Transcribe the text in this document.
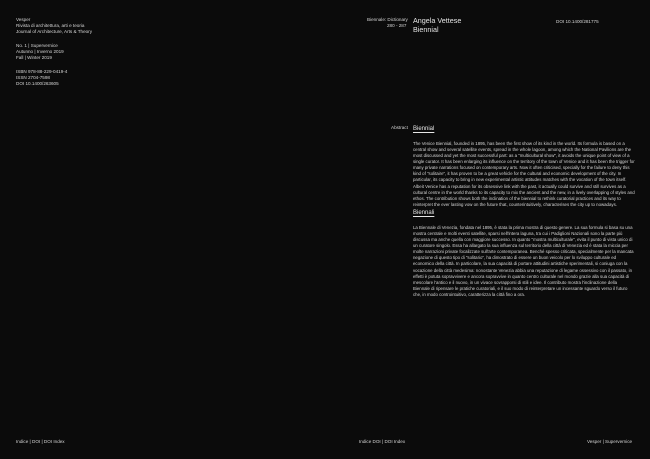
Vesper
Rivista di architettura, arti e teoria
Journal of Architecture, Arts & Theory
No. 1 | Supervernice
Autunno | Inverno 2019
Fall | Winter 2019
ISBN 978-88-229-0419-4
ISSN 2704-7598
DOI 10.1400/263605
Biennale: Dictionary
280 - 287
Angela Vettese
Biennial
DOI 10.1400/281775
Abstract Biennial
The Venice Biennial, founded in 1895, has been the first show of its kind in the world. Its formula is based on a central show and several satellite events, spread in the whole lagoon, among which the National Pavilions are the most discussed and yet the most successful part: as a "multicultural show", it avoids the unique point of view of a single curator. It has been enlarging its influence on the territory of the town of Venice and it has been the trigger for many private narrations focused on contemporary arts. Now it often criticised, specially for the failure to deny this kind of "solitaire", it has proven to be a great vehicle for the cultural and economic development of the city. In particular, its capacity to bring in new experimental artistic attitudes matches with the vocation of the town itself. Albeit Venice has a reputation for its obsessive link with the past, it actually could survive and still survives as a cultural centre in the world thanks to its capacity to mix the ancient and the new, in a lively overlapping of styles and ethos. The contribution shows both the inclination of the biennial to rethink curatorial practices and its way to reinterpret the ever lasting vow on the future that, counterintuitively, characterises the city up to nowadays.
Biennali
La Biennale di Venezia, fondata nel 1895, è stata la prima mostra di questo genere. La sua formula si basa su una mostra centrale e molti eventi satellite, sparsi nell'intera laguna, tra cui i Padiglioni Nazionali sono la parte più discussa ma anche quella con maggiore successo. In quanto "mostra multiculturale", evita il punto di vista unico di un curatore singolo. Essa ha allargato la sua influenza sul territorio della città di Venezia ed è stata la miccia per molte narrazioni private focalizzate sull'arte contemporanea. Benché spesso criticata, specialmente per la mancata negazione di questo tipo di "solitario", ha dimostrato di essere un buon veicolo per lo sviluppo culturale ed economico della città. In particolare, la sua capacità di portare attitudini artistiche sperimentali, si coniuga con la vocazione della città medesima: nonostante Venezia abbia una reputazione di legame ossessivo con il passato, in effetti è potuta sopravvivere e ancora sopravvive in quanto centro culturale nel mondo grazie alla sua capacità di mescolare l'antico e il nuovo, in un vivace sovrapporsi di stili e idee. Il contributo mostra l'inclinazione della Biennale di ripensare le pratiche curatoriali, e il suo modo di reinterpretare un incessante sguardo verso il futuro che, in modo controintuitivo, caratterizza la città fino a ora.
Indice | DOI | DOI Index	Indice DOI | DOI Index	Vesper | Supervernice
